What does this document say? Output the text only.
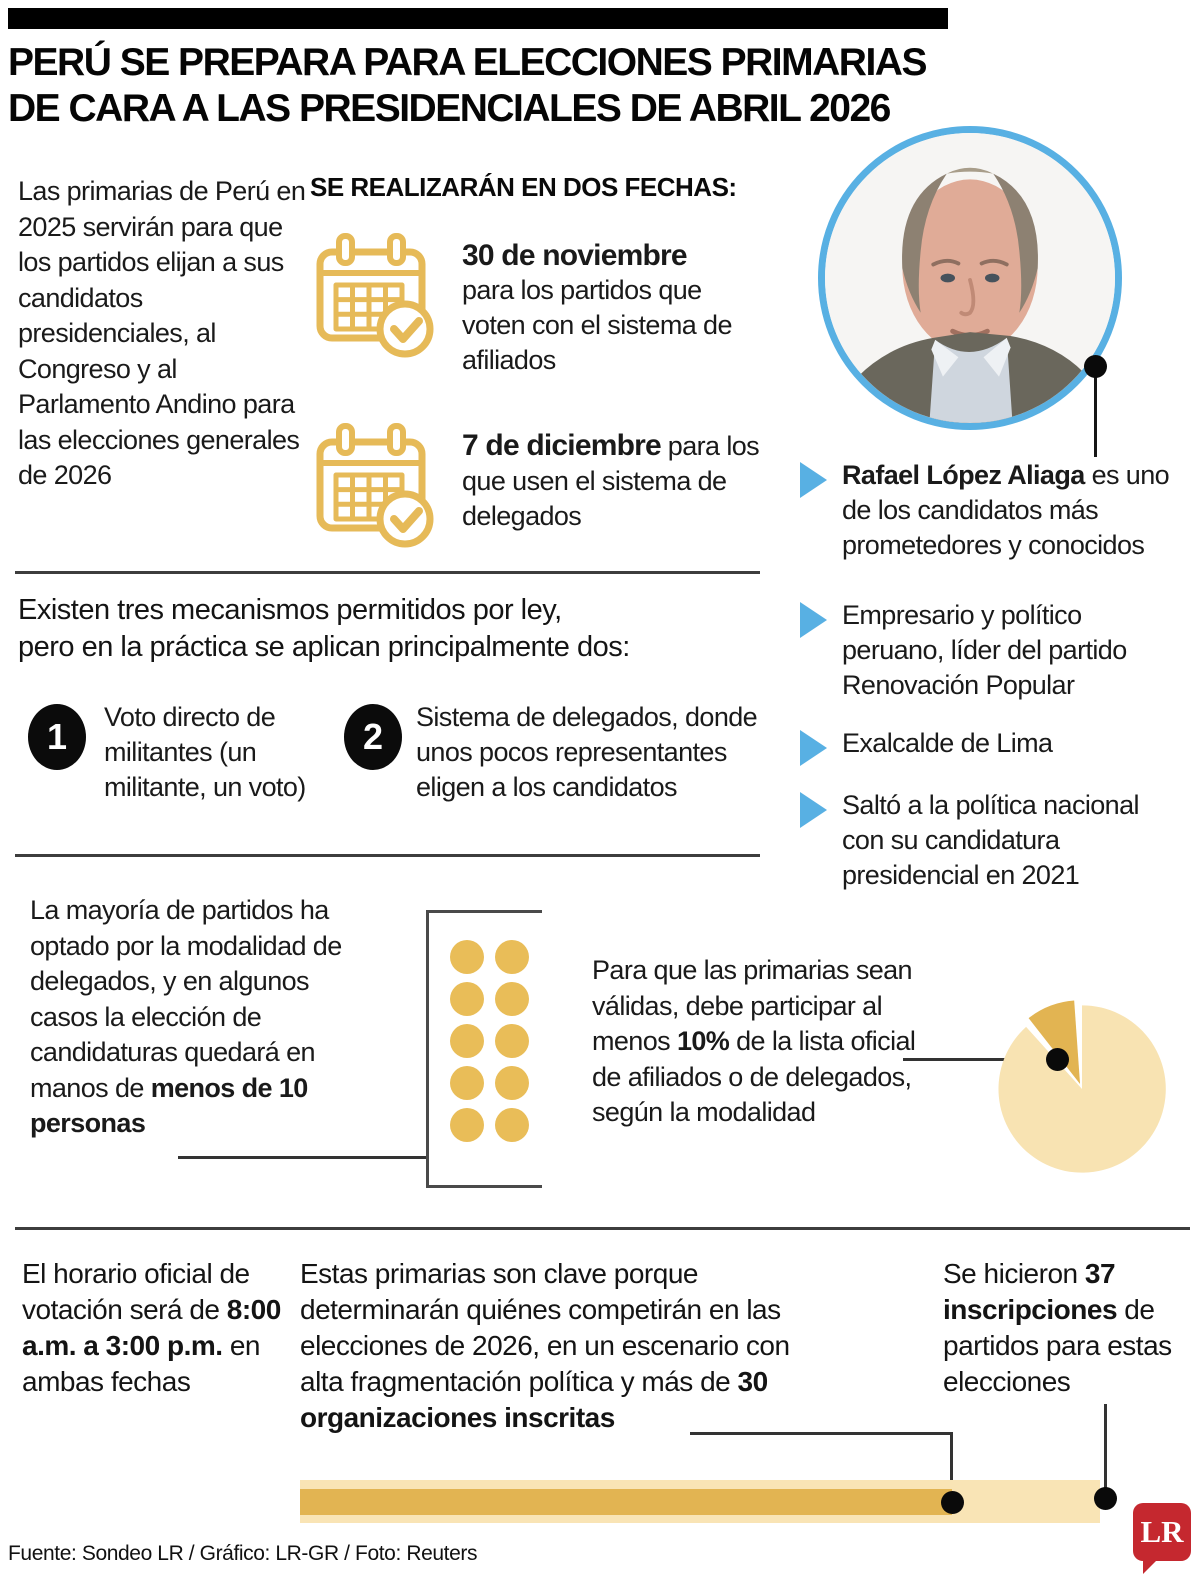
PERÚ SE PREPARA PARA ELECCIONES PRIMARIAS
DE CARA A LAS PRESIDENCIALES DE ABRIL 2026
Las primarias de Perú en 2025 servirán para que los partidos elijan a sus candidatos presidenciales, al Congreso y al Parlamento Andino para las elecciones generales de 2026
SE REALIZARÁN EN DOS FECHAS:
30 de noviembre
para los partidos que voten con el sistema de afiliados
7 de diciembre para los que usen el sistema de delegados
Rafael López Aliaga es uno de los candidatos más prometedores y conocidos
Empresario y político peruano, líder del partido Renovación Popular
Exalcalde de Lima
Saltó a la política nacional con su candidatura presidencial en 2021
Existen tres mecanismos permitidos por ley,
pero en la práctica se aplican principalmente dos:
1	Voto directo de militantes (un militante, un voto)
2	Sistema de delegados, donde unos pocos representantes eligen a los candidatos
La mayoría de partidos ha optado por la modalidad de delegados, y en algunos casos la elección de candidaturas quedará en manos de menos de 10 personas
Para que las primarias sean válidas, debe participar al menos 10% de la lista oficial de afiliados o de delegados, según la modalidad
El horario oficial de votación será de 8:00 a.m. a 3:00 p.m. en ambas fechas
Estas primarias son clave porque determinarán quiénes competirán en las elecciones de 2026, en un escenario con alta fragmentación política y más de 30 organizaciones inscritas
Se hicieron 37 inscripciones de partidos para estas elecciones
LR
Fuente: Sondeo LR / Gráfico: LR-GR / Foto: Reuters
